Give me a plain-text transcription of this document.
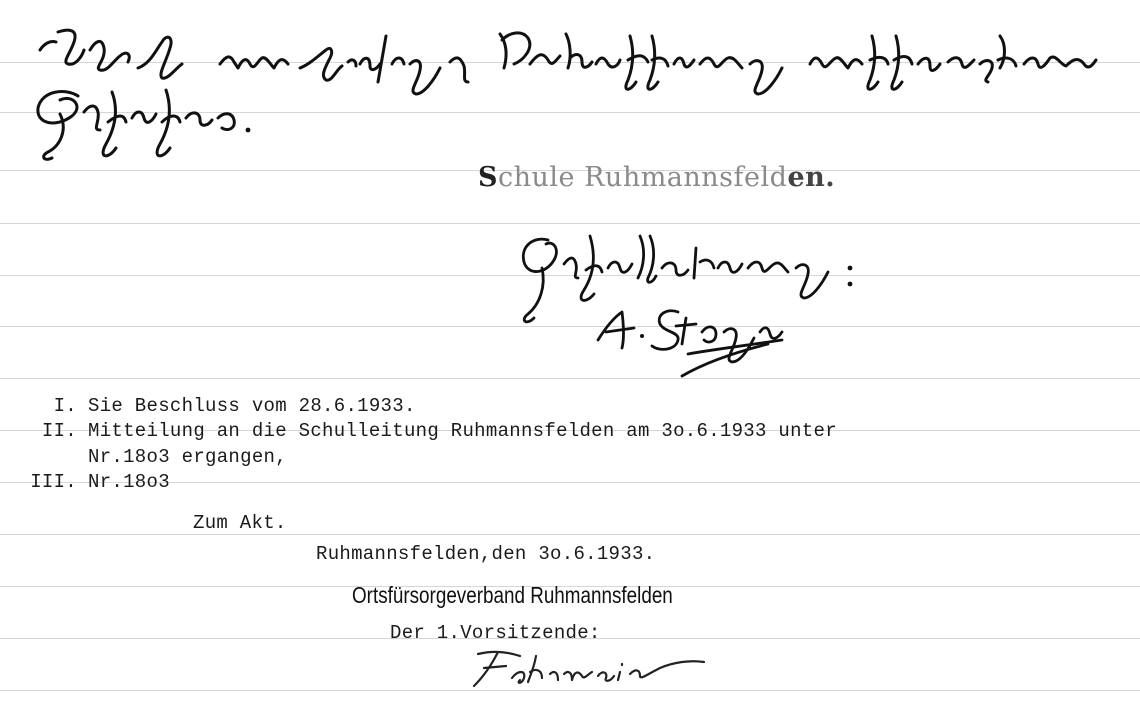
Schule Ruhmannsfelden.
I. Sie Beschluss vom 28.6.1933.
II. Mitteilung an die Schulleitung Ruhmannsfelden am 3o.6.1933 unter
Nr.18o3 ergangen,
III. Nr.18o3
Zum Akt.
Ruhmannsfelden,den 3o.6.1933.
Ortsfürsorgeverband Ruhmannsfelden
Der 1.Vorsitzende:
